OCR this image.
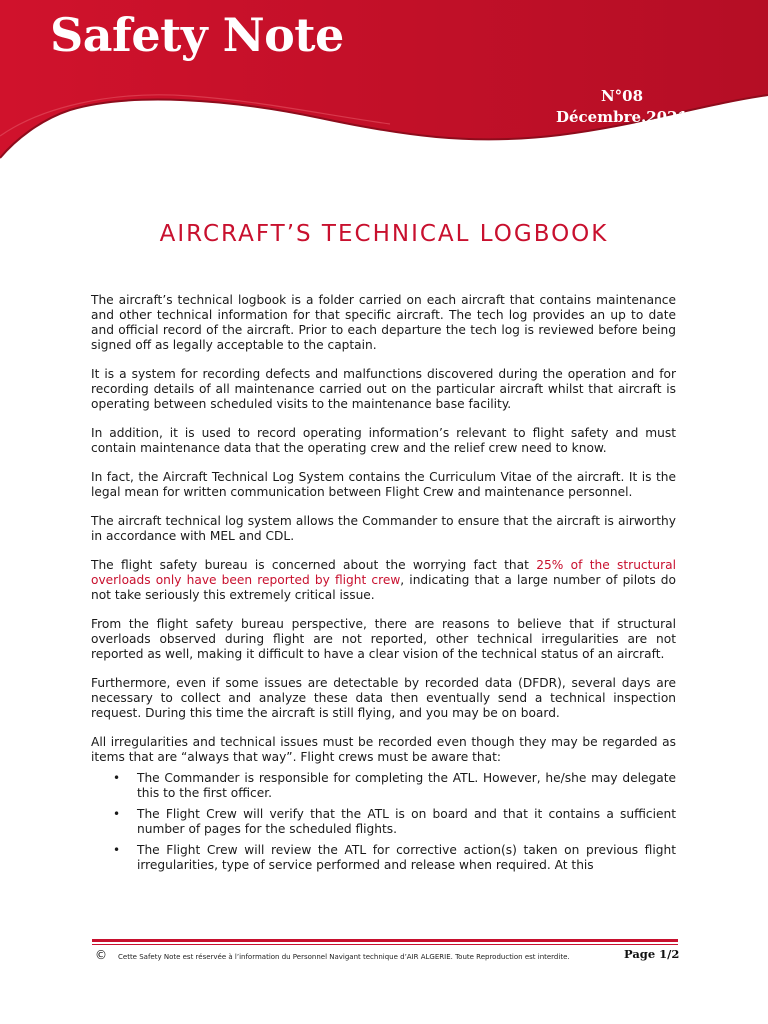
Safety Note
N°08
Décembre.2021
AIRCRAFT’S TECHNICAL LOGBOOK

The aircraft’s technical logbook is a folder carried on each aircraft that contains maintenance and other technical information for that specific aircraft. The tech log provides an up to date and official record of the aircraft. Prior to each departure the tech log is reviewed before being signed off as legally acceptable to the captain.

It is a system for recording defects and malfunctions discovered during the operation and for recording details of all maintenance carried out on the particular aircraft whilst that aircraft is operating between scheduled visits to the maintenance base facility.

In addition, it is used to record operating information’s relevant to flight safety and must contain maintenance data that the operating crew and the relief crew need to know.

In fact, the Aircraft Technical Log System contains the Curriculum Vitae of the aircraft. It is the legal mean for written communication between Flight Crew and maintenance personnel.

The aircraft technical log system allows the Commander to ensure that the aircraft is airworthy in accordance with MEL and CDL.

The flight safety bureau is concerned about the worrying fact that 25% of the structural overloads only have been reported by flight crew, indicating that a large number of pilots do not take seriously this extremely critical issue.

From the flight safety bureau perspective, there are reasons to believe that if structural overloads observed during flight are not reported, other technical irregularities are not reported as well, making it difficult to have a clear vision of the technical status of an aircraft.

Furthermore, even if some issues are detectable by recorded data (DFDR), several days are necessary to collect and analyze these data then eventually send a technical inspection request. During this time the aircraft is still flying, and you may be on board.

All irregularities and technical issues must be recorded even though they may be regarded as items that are “always that way”. Flight crews must be aware that:

• The Commander is responsible for completing the ATL. However, he/she may delegate this to the first officer.
• The Flight Crew will verify that the ATL is on board and that it contains a sufficient number of pages for the scheduled flights.
• The Flight Crew will review the ATL for corrective action(s) taken on previous flight irregularities, type of service performed and release when required. At this
© Cette Safety Note est réservée à l’information du Personnel Navigant technique d’AIR ALGERIE. Toute Reproduction est interdite.	Page 1/2
